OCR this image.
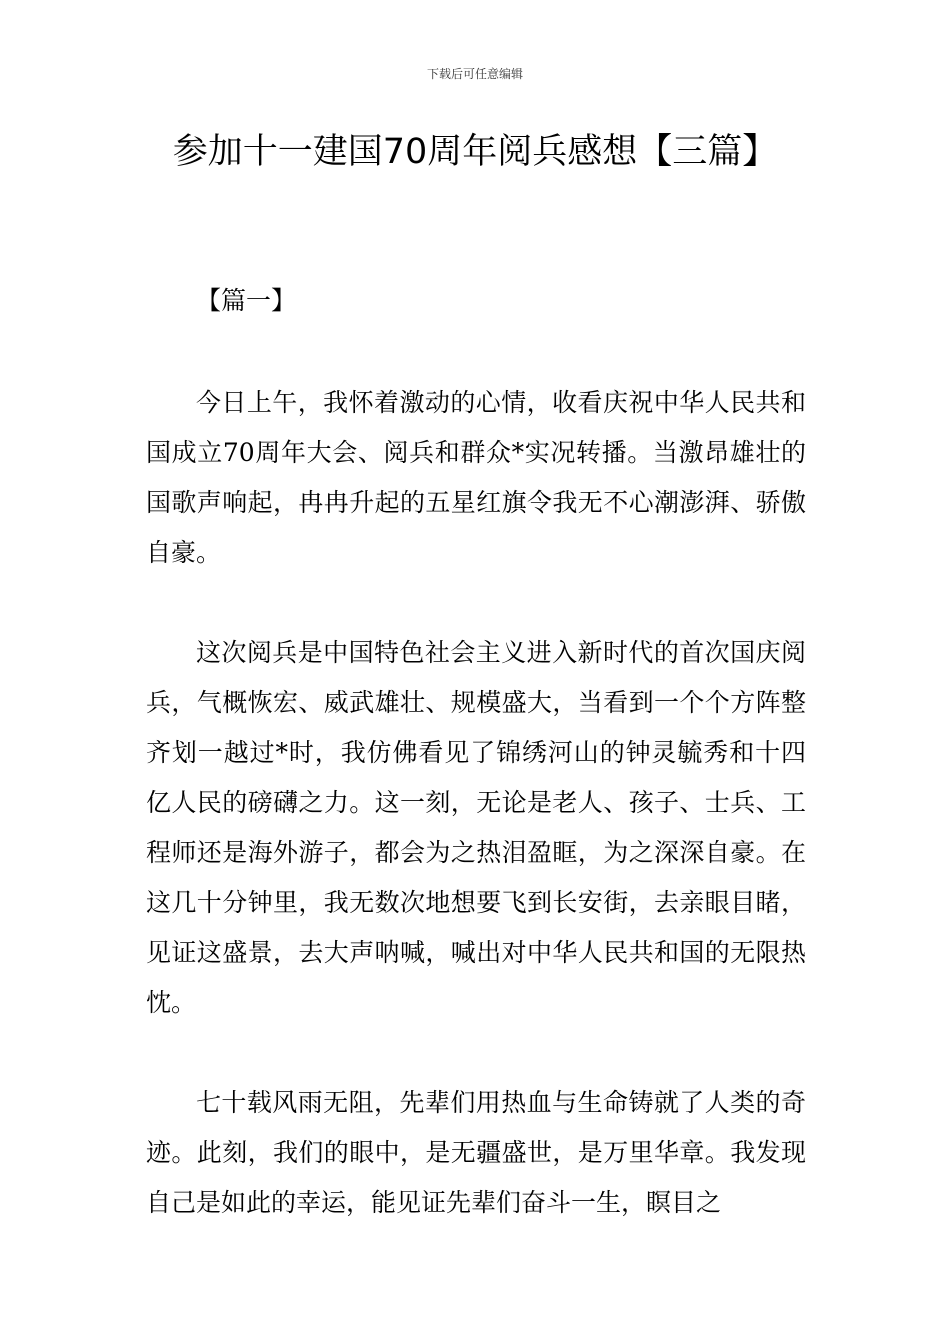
下载后可任意编辑
参加十一建国70周年阅兵感想【三篇】
【篇一】

今日上午，我怀着激动的心情，收看庆祝中华人民共和国成立70周年大会、阅兵和群众*实况转播。当激昂雄壮的国歌声响起，冉冉升起的五星红旗令我无不心潮澎湃、骄傲自豪。

这次阅兵是中国特色社会主义进入新时代的首次国庆阅兵，气概恢宏、威武雄壮、规模盛大，当看到一个个方阵整齐划一越过*时，我仿佛看见了锦绣河山的钟灵毓秀和十四亿人民的磅礴之力。这一刻，无论是老人、孩子、士兵、工程师还是海外游子，都会为之热泪盈眶，为之深深自豪。在这几十分钟里，我无数次地想要飞到长安街，去亲眼目睹，见证这盛景，去大声呐喊，喊出对中华人民共和国的无限热忱。

七十载风雨无阻，先辈们用热血与生命铸就了人类的奇迹。此刻，我们的眼中，是无疆盛世，是万里华章。我发现自己是如此的幸运，能见证先辈们奋斗一生，瞑目之
